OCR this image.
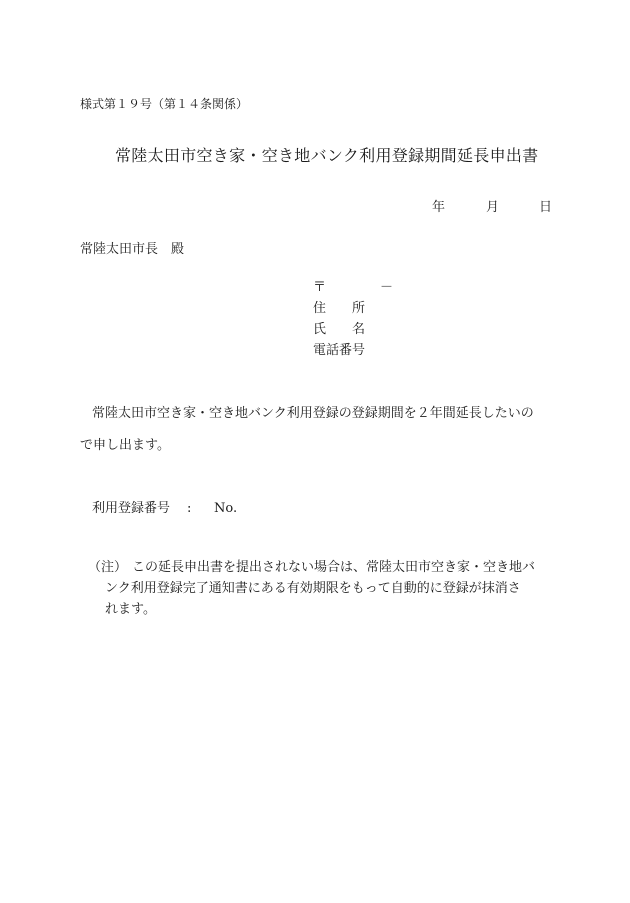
様式第１９号（第１４条関係）
常陸太田市空き家・空き地バンク利用登録期間延長申出書
年	月	日
常陸太田市長　殿
〒	－
住　　所
氏　　名
電話番号
常陸太田市空き家・空き地バンク利用登録の登録期間を２年間延長したいの
で申し出ます。
利用登録番号 : No.
（注） この延長申出書を提出されない場合は、常陸太田市空き家・空き地バ
ンク利用登録完了通知書にある有効期限をもって自動的に登録が抹消さ
れます。
